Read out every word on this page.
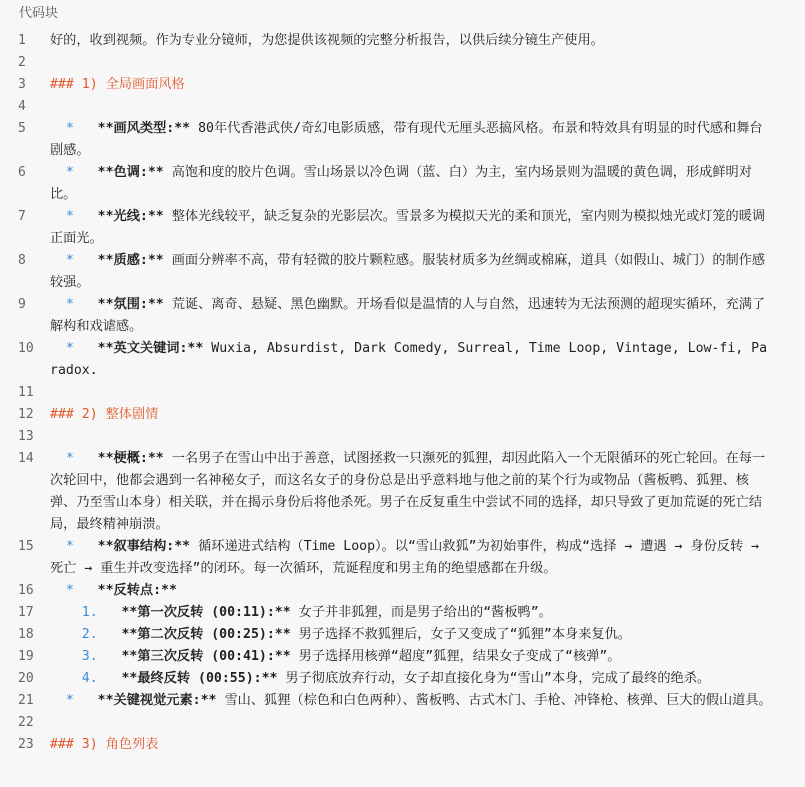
代码块
1	好的，收到视频。作为专业分镜师，为您提供该视频的完整分析报告，以供后续分镜生产使用。
2
3	### 1) 全局画面风格
4
5	* **画风类型:** 80年代香港武侠/奇幻电影质感，带有现代无厘头恶搞风格。布景和特效具有明显的时代感和舞台剧感。
6	* **色调:** 高饱和度的胶片色调。雪山场景以冷色调（蓝、白）为主，室内场景则为温暖的黄色调，形成鲜明对比。
7	* **光线:** 整体光线较平，缺乏复杂的光影层次。雪景多为模拟天光的柔和顶光，室内则为模拟烛光或灯笼的暖调正面光。
8	* **质感:** 画面分辨率不高，带有轻微的胶片颗粒感。服装材质多为丝绸或棉麻，道具（如假山、城门）的制作感较强。
9	* **氛围:** 荒诞、离奇、悬疑、黑色幽默。开场看似是温情的人与自然，迅速转为无法预测的超现实循环，充满了解构和戏谑感。
10	* **英文关键词:** Wuxia, Absurdist, Dark Comedy, Surreal, Time Loop, Vintage, Low-fi, Paradox.
11
12	### 2) 整体剧情
13
14	* **梗概:** 一名男子在雪山中出于善意，试图拯救一只濒死的狐狸，却因此陷入一个无限循环的死亡轮回。在每一次轮回中，他都会遇到一名神秘女子，而这名女子的身份总是出乎意料地与他之前的某个行为或物品（酱板鸭、狐狸、核弹、乃至雪山本身）相关联，并在揭示身份后将他杀死。男子在反复重生中尝试不同的选择，却只导致了更加荒诞的死亡结局，最终精神崩溃。
15	* **叙事结构:** 循环递进式结构（Time Loop）。以“雪山救狐”为初始事件，构成“选择 → 遭遇 → 身份反转 → 死亡 → 重生并改变选择”的闭环。每一次循环，荒诞程度和男主角的绝望感都在升级。
16	* **反转点:**
17	1. **第一次反转 (00:11):** 女子并非狐狸，而是男子给出的“酱板鸭”。
18	2. **第二次反转 (00:25):** 男子选择不救狐狸后，女子又变成了“狐狸”本身来复仇。
19	3. **第三次反转 (00:41):** 男子选择用核弹“超度”狐狸，结果女子变成了“核弹”。
20	4. **最终反转 (00:55):** 男子彻底放弃行动，女子却直接化身为“雪山”本身，完成了最终的绝杀。
21	* **关键视觉元素:** 雪山、狐狸（棕色和白色两种）、酱板鸭、古式木门、手枪、冲锋枪、核弹、巨大的假山道具。
22
23	### 3) 角色列表
